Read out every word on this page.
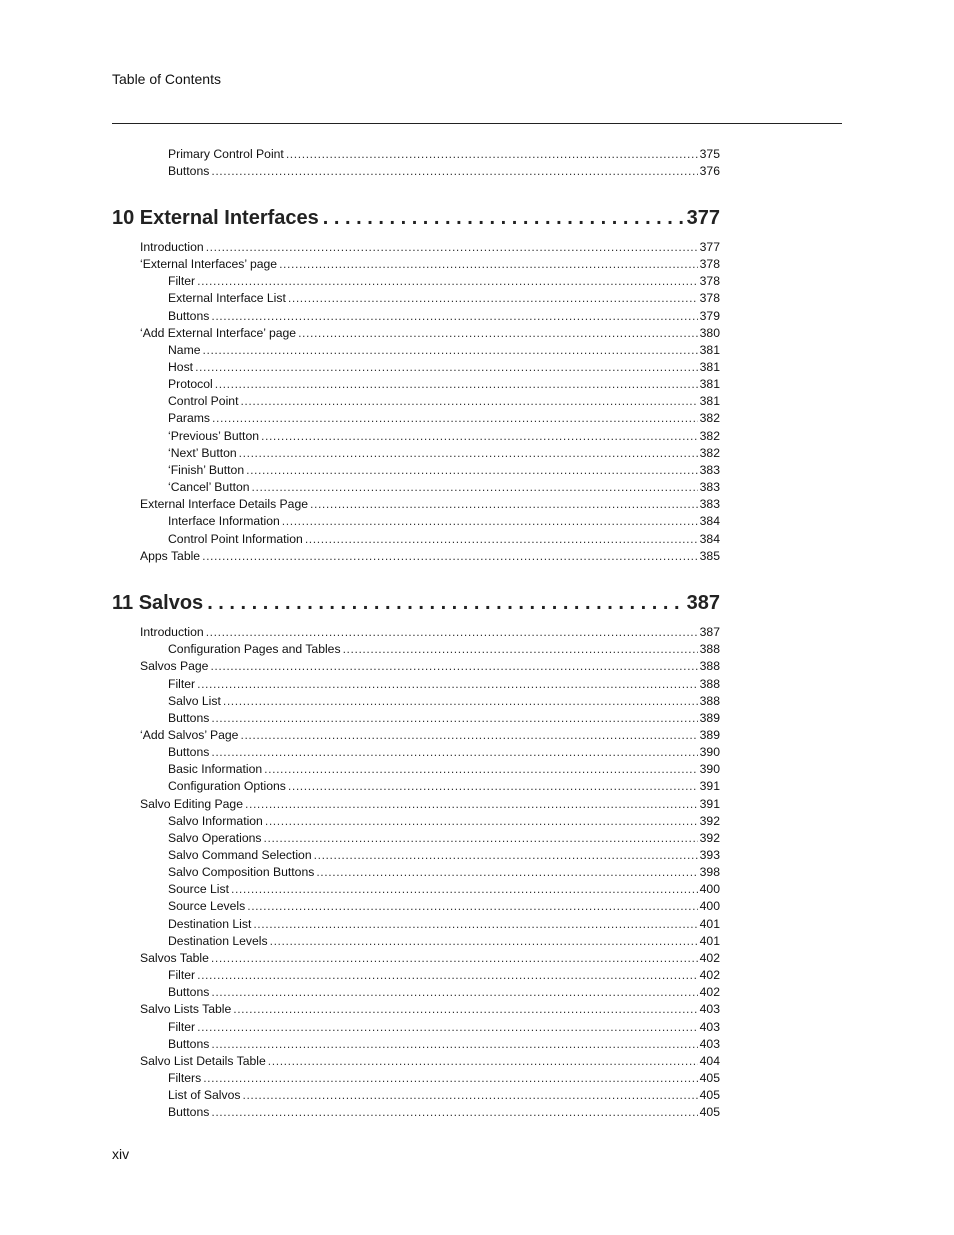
Table of Contents
Primary Control Point . . .	375
Buttons . . .	376
10 External Interfaces . . .	377
Introduction . . .	377
‘External Interfaces’ page . . .	378
Filter . . .	378
External Interface List . . .	378
Buttons . . .	379
‘Add External Interface’ page . . .	380
Name . . .	381
Host . . .	381
Protocol . . .	381
Control Point . . .	381
Params . . .	382
‘Previous’ Button . . .	382
‘Next’ Button . . .	382
‘Finish’ Button . . .	383
‘Cancel’ Button . . .	383
External Interface Details Page . . .	383
Interface Information . . .	384
Control Point Information . . .	384
Apps Table . . .	385
11 Salvos . . .	387
Introduction . . .	387
Configuration Pages and Tables . . .	388
Salvos Page . . .	388
Filter . . .	388
Salvo List . . .	388
Buttons . . .	389
‘Add Salvos’ Page . . .	389
Buttons . . .	390
Basic Information . . .	390
Configuration Options . . .	391
Salvo Editing Page . . .	391
Salvo Information . . .	392
Salvo Operations . . .	392
Salvo Command Selection . . .	393
Salvo Composition Buttons . . .	398
Source List . . .	400
Source Levels . . .	400
Destination List . . .	401
Destination Levels . . .	401
Salvos Table . . .	402
Filter . . .	402
Buttons . . .	402
Salvo Lists Table . . .	403
Filter . . .	403
Buttons . . .	403
Salvo List Details Table . . .	404
Filters . . .	405
List of Salvos . . .	405
Buttons . . .	405
xiv
